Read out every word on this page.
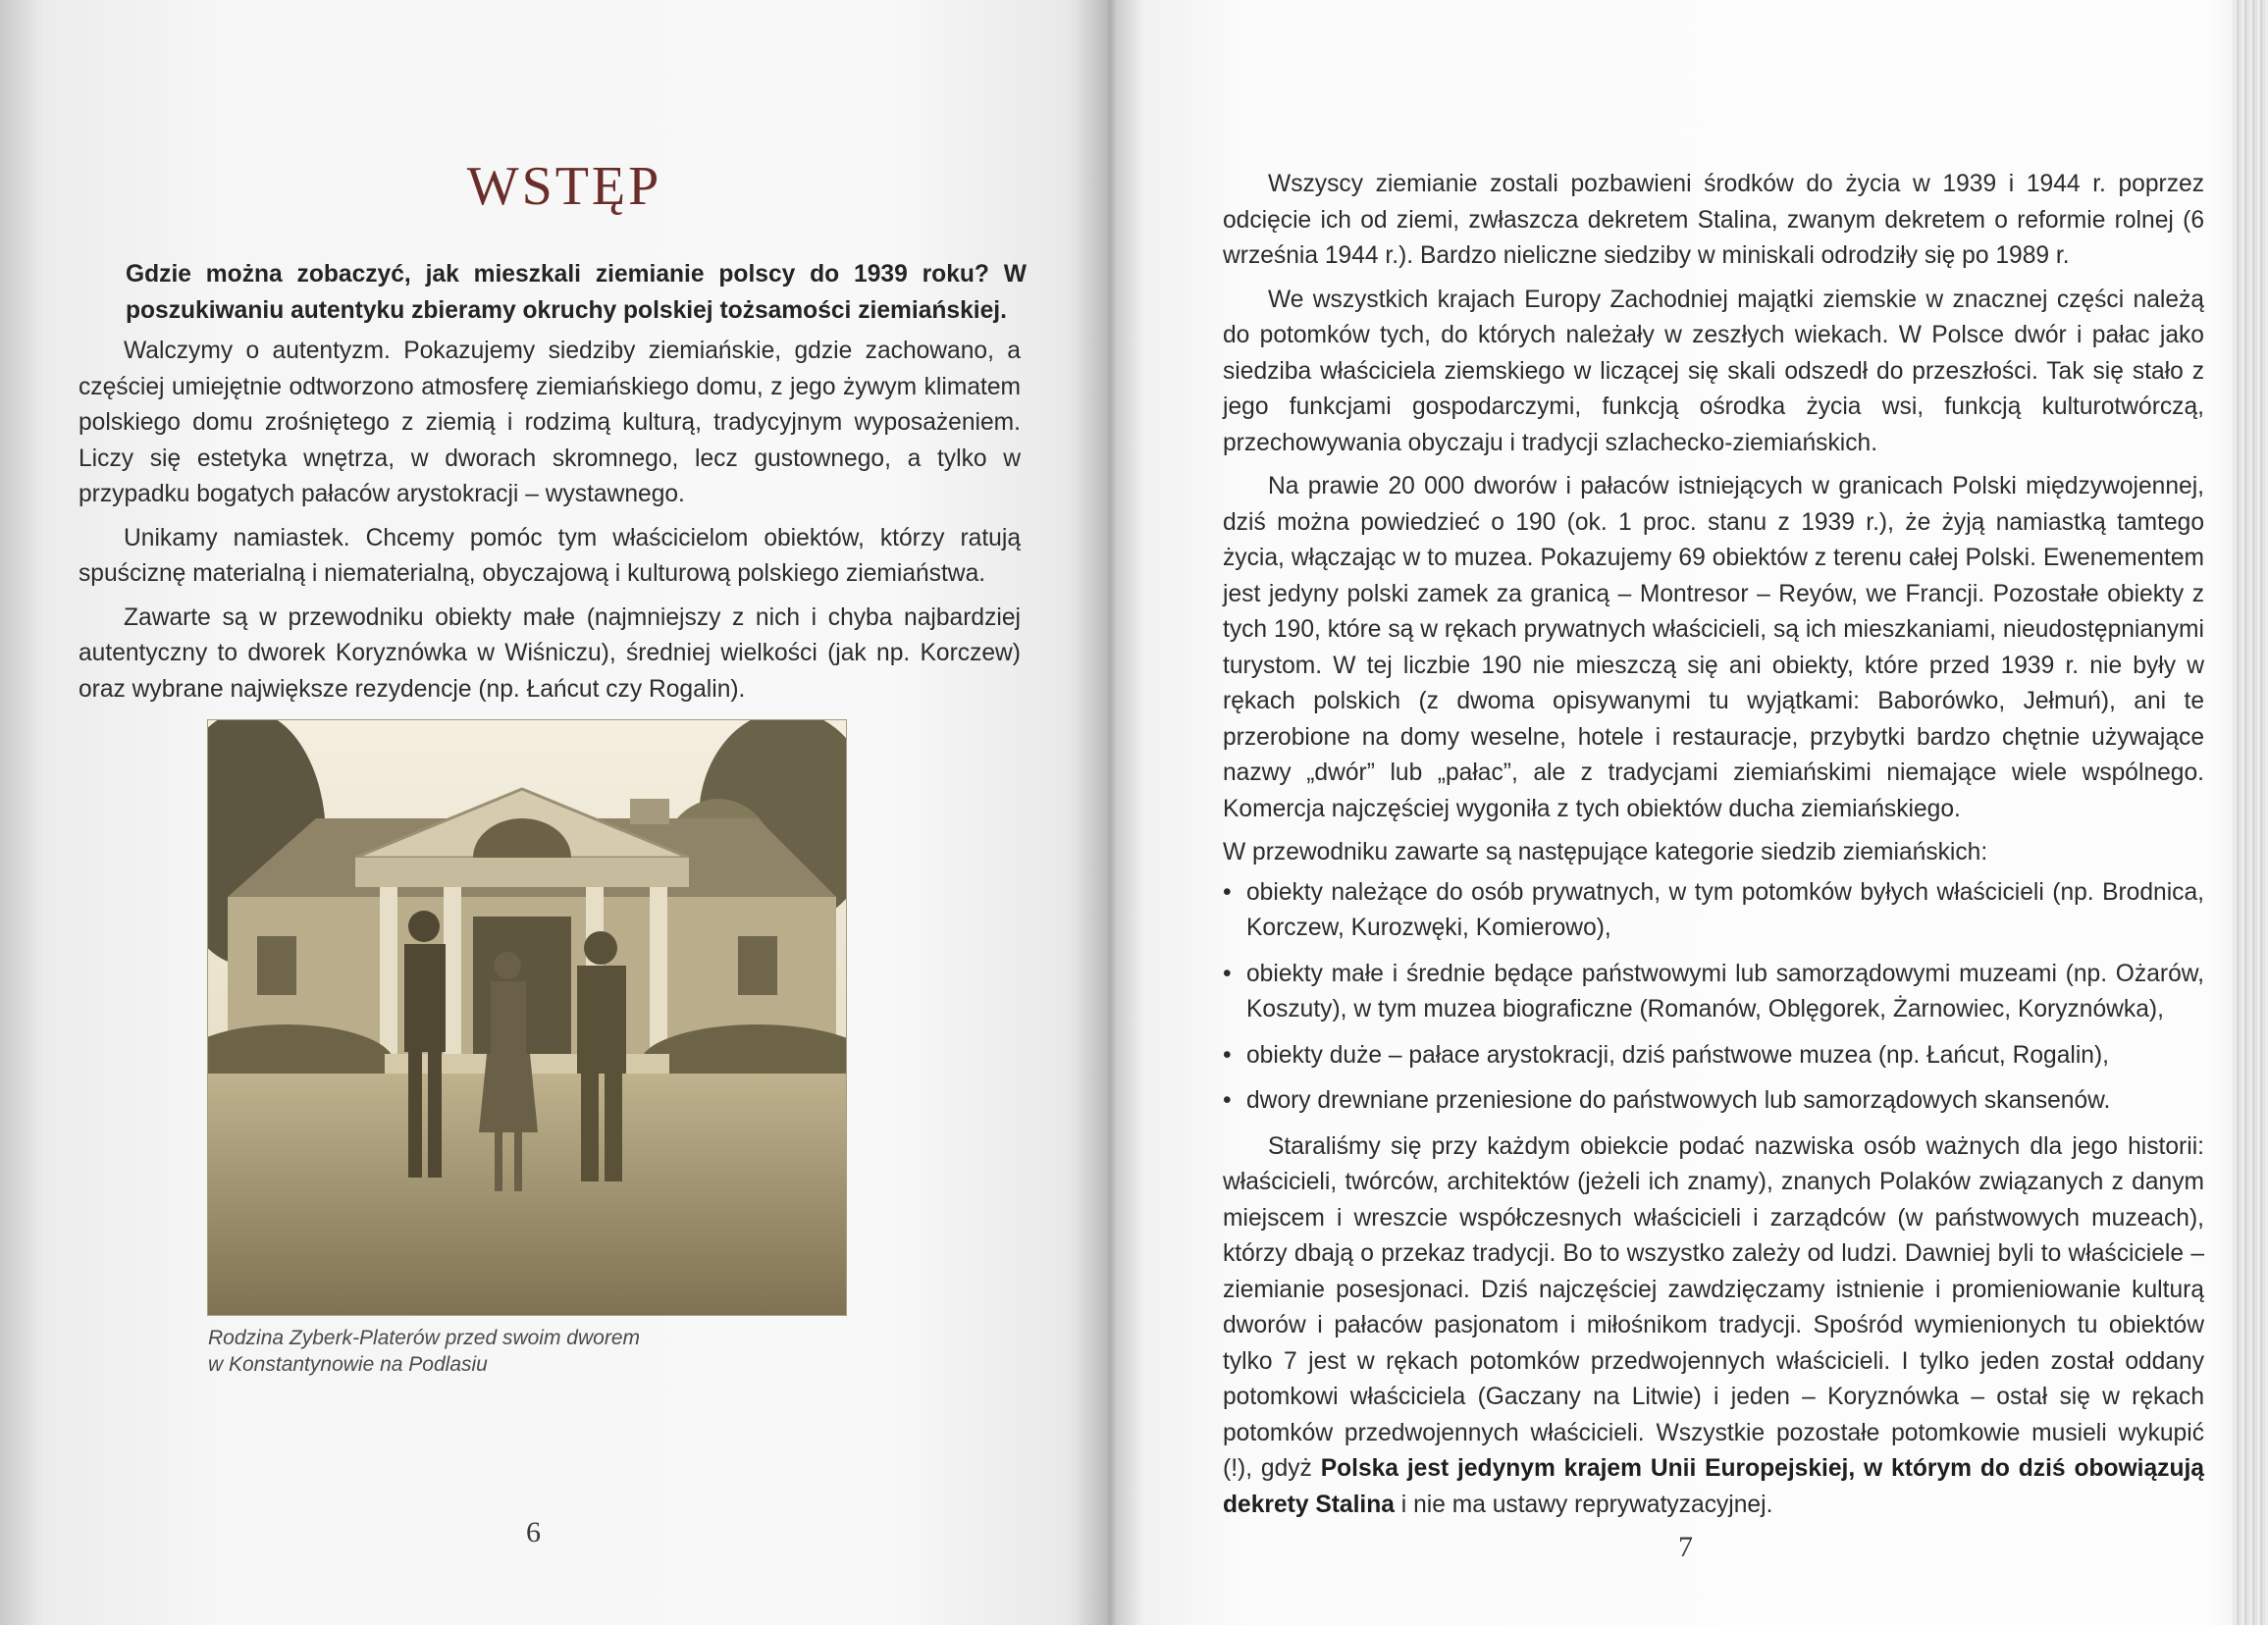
WSTĘP

Gdzie można zobaczyć, jak mieszkali ziemianie polscy do 1939 roku? W poszukiwaniu autentyku zbieramy okruchy polskiej tożsamości ziemiańskiej.

Walczymy o autentyzm. Pokazujemy siedziby ziemiańskie, gdzie zachowano, a częściej umiejętnie odtworzono atmosferę ziemiańskiego domu, z jego żywym klimatem polskiego domu zrośniętego z ziemią i rodzimą kulturą, tradycyjnym wyposażeniem. Liczy się estetyka wnętrza, w dworach skromnego, lecz gustownego, a tylko w przypadku bogatych pałaców arystokracji – wystawnego.

Unikamy namiastek. Chcemy pomóc tym właścicielom obiektów, którzy ratują spuściznę materialną i niematerialną, obyczajową i kulturową polskiego ziemiaństwa.

Zawarte są w przewodniku obiekty małe (najmniejszy z nich i chyba najbardziej autentyczny to dworek Koryznówka w Wiśniczu), średniej wielkości (jak np. Korczew) oraz wybrane największe rezydencje (np. Łańcut czy Rogalin).

Rodzina Zyberk-Platerów przed swoim dworem
w Konstantynowie na Podlasiu
6

Wszyscy ziemianie zostali pozbawieni środków do życia w 1939 i 1944 r. poprzez odcięcie ich od ziemi, zwłaszcza dekretem Stalina, zwanym dekretem o reformie rolnej (6 września 1944 r.). Bardzo nieliczne siedziby w miniskali odrodziły się po 1989 r.

We wszystkich krajach Europy Zachodniej majątki ziemskie w znacznej części należą do potomków tych, do których należały w zeszłych wiekach. W Polsce dwór i pałac jako siedziba właściciela ziemskiego w liczącej się skali odszedł do przeszłości. Tak się stało z jego funkcjami gospodarczymi, funkcją ośrodka życia wsi, funkcją kulturotwórczą, przechowywania obyczaju i tradycji szlachecko-ziemiańskich.

Na prawie 20 000 dworów i pałaców istniejących w granicach Polski międzywojennej, dziś można powiedzieć o 190 (ok. 1 proc. stanu z 1939 r.), że żyją namiastką tamtego życia, włączając w to muzea. Pokazujemy 69 obiektów z terenu całej Polski. Ewenementem jest jedyny polski zamek za granicą – Montresor – Reyów, we Francji. Pozostałe obiekty z tych 190, które są w rękach prywatnych właścicieli, są ich mieszkaniami, nieudostępnianymi turystom. W tej liczbie 190 nie mieszczą się ani obiekty, które przed 1939 r. nie były w rękach polskich (z dwoma opisywanymi tu wyjątkami: Baborówko, Jełmuń), ani te przerobione na domy weselne, hotele i restauracje, przybytki bardzo chętnie używające nazwy „dwór” lub „pałac”, ale z tradycjami ziemiańskimi niemające wiele wspólnego. Komercja najczęściej wygoniła z tych obiektów ducha ziemiańskiego.

W przewodniku zawarte są następujące kategorie siedzib ziemiańskich:

• obiekty należące do osób prywatnych, w tym potomków byłych właścicieli (np. Brodnica, Korczew, Kurozwęki, Komierowo),
• obiekty małe i średnie będące państwowymi lub samorządowymi muzeami (np. Ożarów, Koszuty), w tym muzea biograficzne (Romanów, Oblęgorek, Żarnowiec, Koryznówka),
• obiekty duże – pałace arystokracji, dziś państwowe muzea (np. Łańcut, Rogalin),
• dwory drewniane przeniesione do państwowych lub samorządowych skansenów.

Staraliśmy się przy każdym obiekcie podać nazwiska osób ważnych dla jego historii: właścicieli, twórców, architektów (jeżeli ich znamy), znanych Polaków związanych z danym miejscem i wreszcie współczesnych właścicieli i zarządców (w państwowych muzeach), którzy dbają o przekaz tradycji. Bo to wszystko zależy od ludzi. Dawniej byli to właściciele – ziemianie posesjonaci. Dziś najczęściej zawdzięczamy istnienie i promieniowanie kulturą dworów i pałaców pasjonatom i miłośnikom tradycji. Spośród wymienionych tu obiektów tylko 7 jest w rękach potomków przedwojennych właścicieli. I tylko jeden został oddany potomkowi właściciela (Gaczany na Litwie) i jeden – Koryznówka – ostał się w rękach potomków przedwojennych właścicieli. Wszystkie pozostałe potomkowie musieli wykupić (!), gdyż Polska jest jedynym krajem Unii Europejskiej, w którym do dziś obowiązują dekrety Stalina i nie ma ustawy reprywatyzacyjnej.

7
